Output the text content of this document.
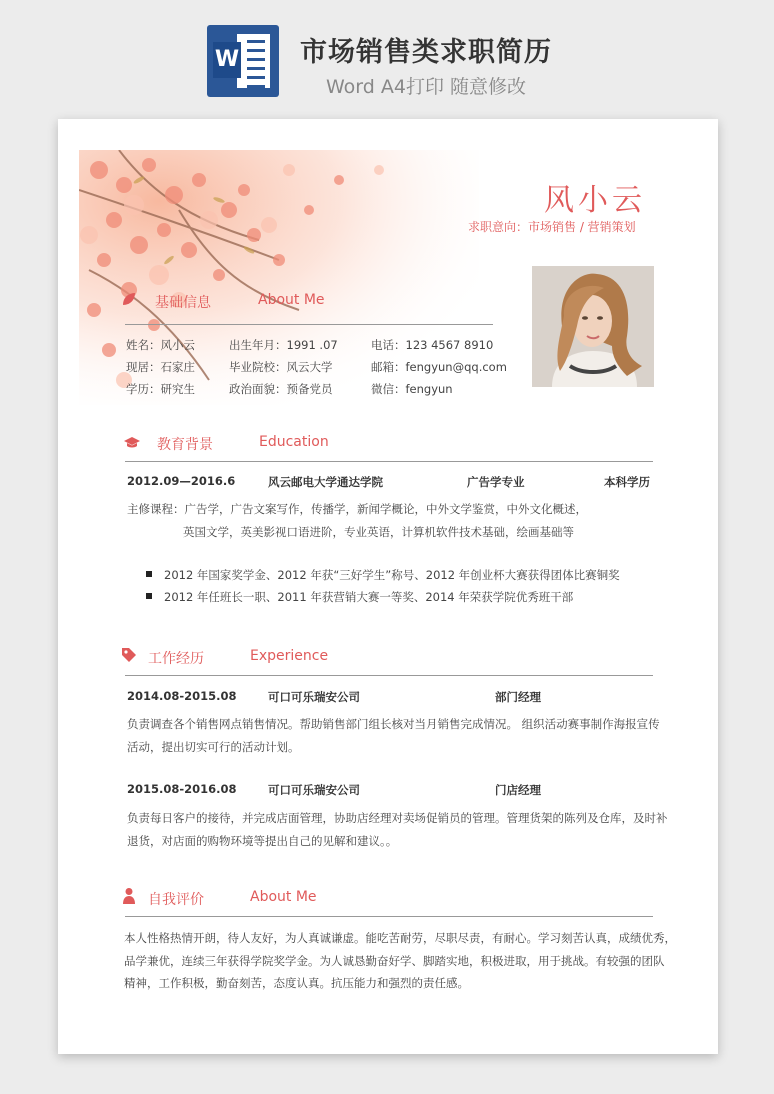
W 市场销售类求职简历
Word A4打印 随意修改
风小云
求职意向：市场销售 / 营销策划
基础信息	About Me
姓名：风小云	出生年月：1991 .07	电话：123 4567 8910
现居：石家庄	毕业院校：风云大学	邮箱：fengyun@qq.com
学历：研究生	政治面貌：预备党员	微信：fengyun
教育背景	Education
2012.09—2016.6	风云邮电大学通达学院	广告学专业	本科学历
主修课程：广告学，广告文案写作，传播学，新闻学概论，中外文学鉴赏，中外文化概述，
英国文学，英美影视口语进阶，专业英语，计算机软件技术基础，绘画基础等
2012 年国家奖学金、2012 年获“三好学生”称号、2012 年创业杯大赛获得团体比赛铜奖
2012 年任班长一职、2011 年获营销大赛一等奖、2014 年荣获学院优秀班干部
工作经历	Experience
2014.08-2015.08	可口可乐瑞安公司	部门经理
负责调查各个销售网点销售情况。帮助销售部门组长核对当月销售完成情况。 组织活动赛事制作海报宣传
活动，提出切实可行的活动计划。
2015.08-2016.08	可口可乐瑞安公司	门店经理
负责每日客户的接待，并完成店面管理，协助店经理对卖场促销员的管理。管理货架的陈列及仓库，及时补
退货，对店面的购物环境等提出自己的见解和建议。。
自我评价	About Me
本人性格热情开朗，待人友好，为人真诚谦虚。能吃苦耐劳，尽职尽责，有耐心。学习刻苦认真，成绩优秀，
品学兼优，连续三年获得学院奖学金。为人诚恳勤奋好学、脚踏实地，积极进取，用于挑战。有较强的团队
精神，工作积极，勤奋刻苦，态度认真。抗压能力和强烈的责任感。
